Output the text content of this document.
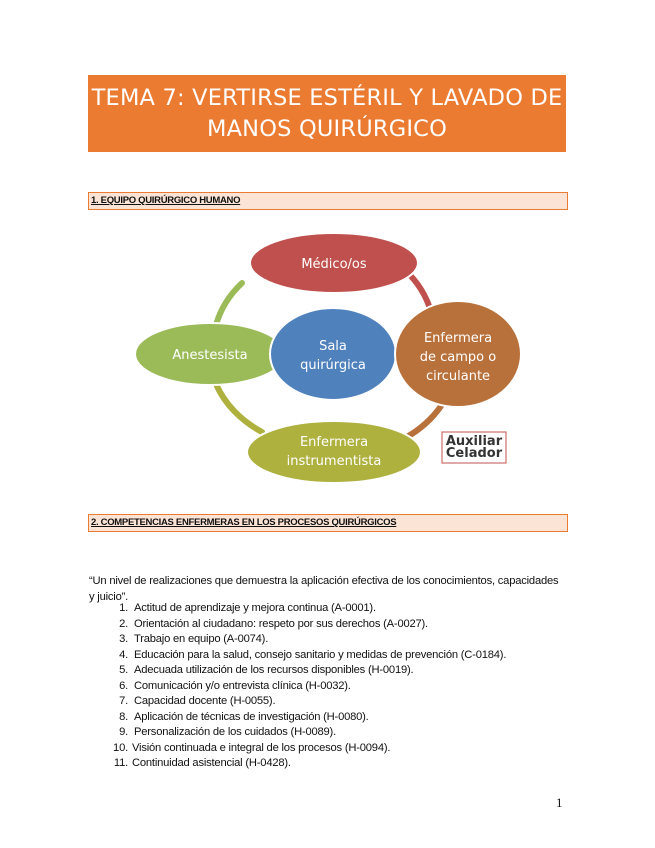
TEMA 7: VERTIRSE ESTÉRIL Y LAVADO DE
MANOS QUIRÚRGICO
1. EQUIPO QUIRÚRGICO HUMANO
Médico/os
Anestesista
Sala
quirúrgica
Enfermera
de campo o
circulante
Enfermera
instrumentista
Auxiliar
Celador
2. COMPETENCIAS ENFERMERAS EN LOS PROCESOS QUIRÚRGICOS

“Un nivel de realizaciones que demuestra la aplicación efectiva de los conocimientos, capacidades y juicio”.

1. Actitud de aprendizaje y mejora continua (A-0001).
2. Orientación al ciudadano: respeto por sus derechos (A-0027).
3. Trabajo en equipo (A-0074).
4. Educación para la salud, consejo sanitario y medidas de prevención (C-0184).
5. Adecuada utilización de los recursos disponibles (H-0019).
6. Comunicación y/o entrevista clínica (H-0032).
7. Capacidad docente (H-0055).
8. Aplicación de técnicas de investigación (H-0080).
9. Personalización de los cuidados (H-0089).
10. Visión continuada e integral de los procesos (H-0094).
11. Continuidad asistencial (H-0428).
1
